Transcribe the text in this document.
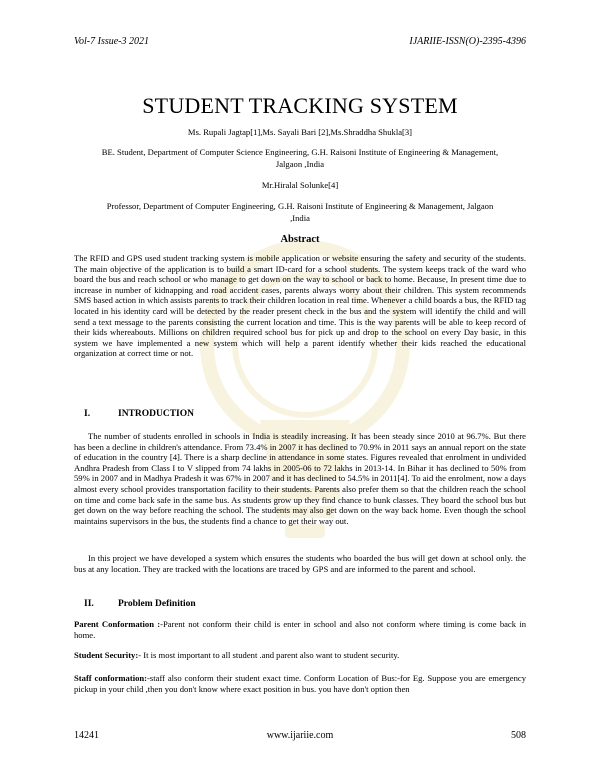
Vol-7 Issue-3 2021	IJARIIE-ISSN(O)-2395-4396
STUDENT TRACKING SYSTEM
Ms. Rupali Jagtap[1],Ms. Sayali Bari [2],Ms.Shraddha Shukla[3]
BE. Student, Department of Computer Science Engineering, G.H. Raisoni Institute of Engineering & Management,
Jalgaon ,India
Mr.Hiralal Solunke[4]
Professor, Department of Computer Engineering, G.H. Raisoni Institute of Engineering & Management, Jalgaon
,India
Abstract
The RFID and GPS used student tracking system is mobile application or website ensuring the safety and security of the students. The main objective of the application is to build a smart ID-card for a school students. The system keeps track of the ward who board the bus and reach school or who manage to get down on the way to school or back to home. Because, In present time due to increase in number of kidnapping and road accident cases, parents always worry about their children. This system recommends SMS based action in which assists parents to track their children location in real time. Whenever a child boards a bus, the RFID tag located in his identity card will be detected by the reader present check in the bus and the system will identify the child and will send a text message to the parents consisting the current location and time. This is the way parents will be able to keep record of their kids whereabouts. Millions on children required school bus for pick up and drop to the school on every Day basic, in this system we have implemented a new system which will help a parent identify whether their kids reached the educational organization at correct time or not.
I.	INTRODUCTION
The number of students enrolled in schools in India is steadily increasing. It has been steady since 2010 at 96.7%. But there has been a decline in children's attendance. From 73.4% in 2007 it has declined to 70.9% in 2011 says an annual report on the state of education in the country [4]. There is a sharp decline in attendance in some states. Figures revealed that enrolment in undivided Andhra Pradesh from Class I to V slipped from 74 lakhs in 2005-06 to 72 lakhs in 2013-14. In Bihar it has declined to 50% from 59% in 2007 and in Madhya Pradesh it was 67% in 2007 and it has declined to 54.5% in 2011[4]. To aid the enrolment, now a days almost every school provides transportation facility to their students. Parents also prefer them so that the children reach the school on time and come back safe in the same bus. As students grow up they find chance to bunk classes. They board the school bus but get down on the way before reaching the school. The students may also get down on the way back home. Even though the school maintains supervisors in the bus, the students find a chance to get their way out.
In this project we have developed a system which ensures the students who boarded the bus will get down at school only. the bus at any location. They are tracked with the locations are traced by GPS and are informed to the parent and school.
II.	Problem Definition
Parent Conformation :-Parent not conform their child is enter in school and also not conform where timing is come back in home.
Student Security:- It is most important to all student .and parent also want to student security.
Staff conformation:-staff also conform their student exact time. Conform Location of Bus:-for Eg. Suppose you are emergency pickup in your child ,then you don't know where exact position in bus. you have don't option then
14241	www.ijariie.com	508
